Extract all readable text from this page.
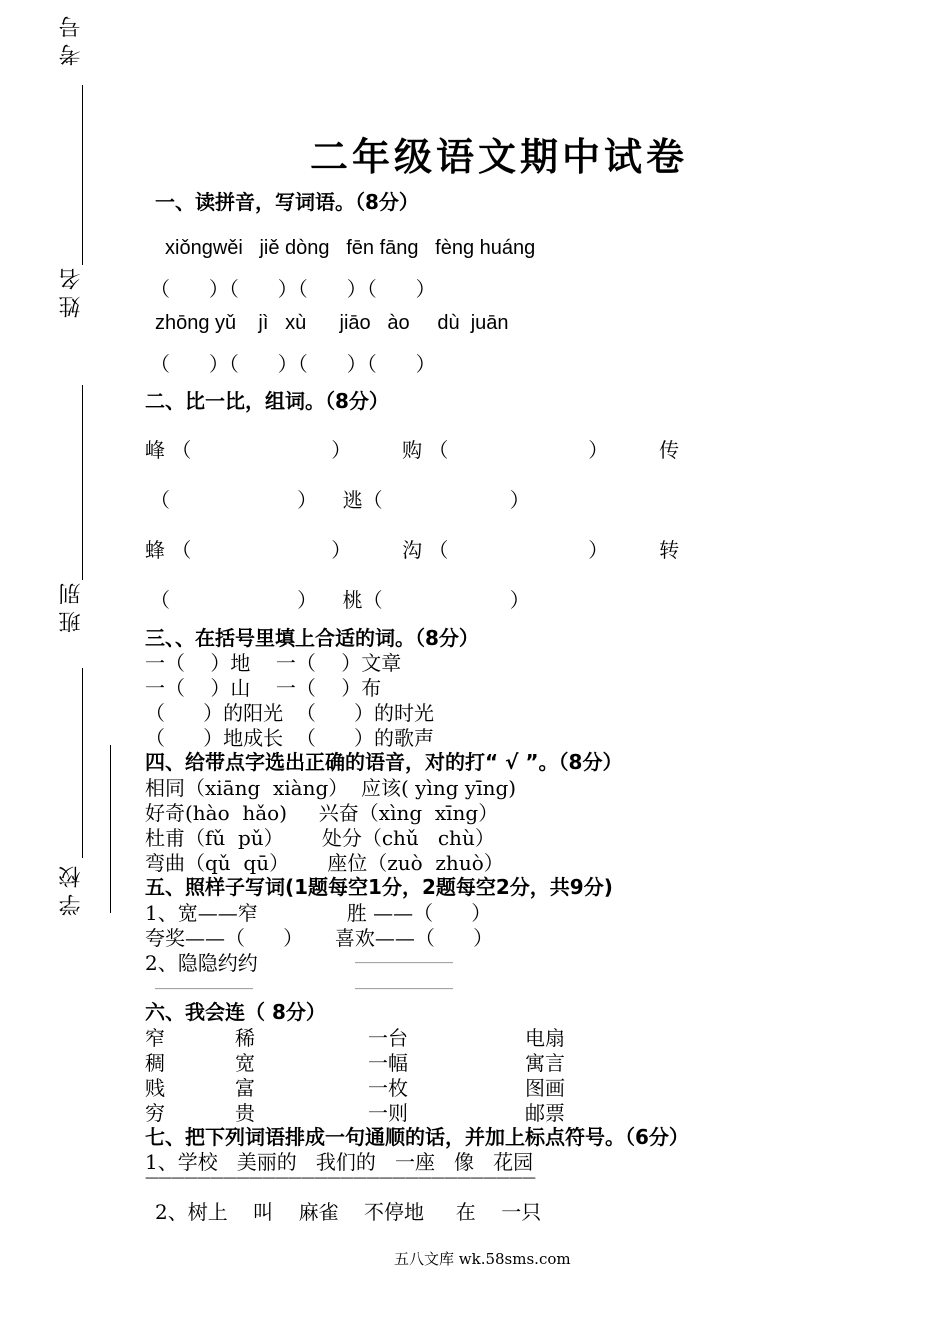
考号
姓名
班别
学校
二年级语文期中试卷
一、读拼音，写词语。（8分）
xiǒngwěi   jiě dòng   fēn fāng   fèng huáng
（       ）（       ）（       ）（       ）
zhōng yǔ    jì   xù      jiāo   ào     dù  juān
（       ）（       ）（       ）（       ）
二、比一比，组词。（8分）
峰 （                      ）        购 （                      ）        传
（                    ）    逃（                    ）
蜂 （                      ）        沟 （                      ）        转
（                    ）    桃（                    ）
三、、在括号里填上合适的词。（8分）
一（    ）地    一（    ）文章
一（    ）山    一（    ）布
（      ）的阳光  （      ）的时光
（      ）地成长  （      ）的歌声
四、给带点字选出正确的语音，对的打“ √ ”。（8分）
相同（xiāng  xiàng）  应该( yìng yīng)
好奇(hào  hǎo)     兴奋（xìng  xīng）
杜甫（fǔ  pǔ）      处分（chǔ   chù）
弯曲（qǔ  qū）      座位（zuò  zhuò）
五、照样子写词(1题每空1分，2题每空2分，共9分)
1、宽——窄              胜 ——（      ）
夸奖——（      ）     喜欢——（      ）
2、隐隐约约	______________
______________	______________
六、我会连（ 8分）
窄
稠
贱
穷
稀
宽
富
贵
一台
一幅
一枚
一则
电扇
寓言
图画
邮票
七、把下列词语排成一句通顺的话，并加上标点符号。（6分）
1、学校   美丽的   我们的   一座   像   花园
——————————————————————————————
2、树上    叫    麻雀    不停地     在    一只
五八文库 wk.58sms.com
